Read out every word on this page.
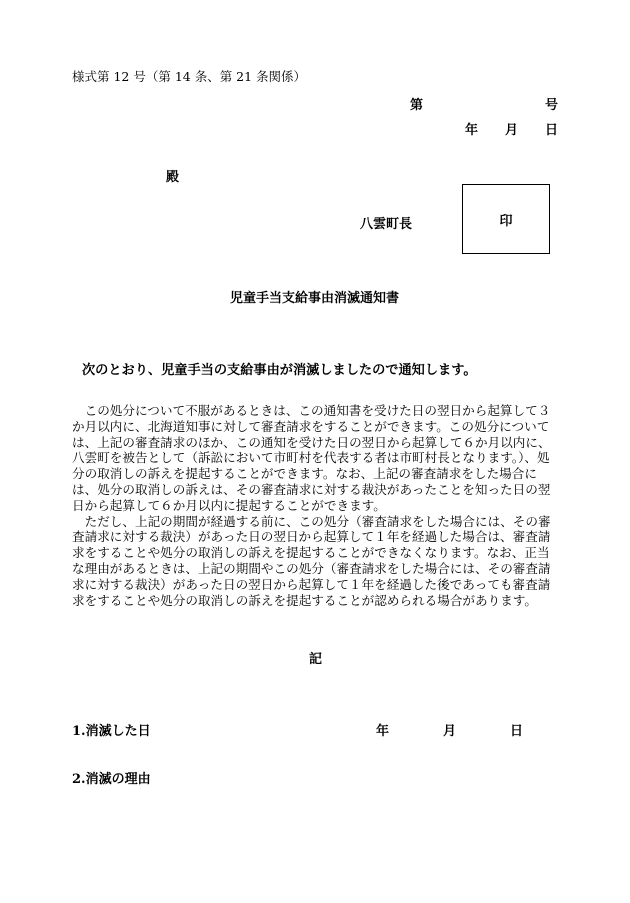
様式第 12 号（第 14 条、第 21 条関係）
第	号
年 月 日
殿
八雲町長	印
児童手当支給事由消滅通知書
次のとおり、児童手当の支給事由が消滅しましたので通知します。

この処分について不服があるときは、この通知書を受けた日の翌日から起算して３か月以内に、北海道知事に対して審査請求をすることができます。この処分については、上記の審査請求のほか、この通知を受けた日の翌日から起算して６か月以内に、八雲町を被告として（訴訟において市町村を代表する者は市町村長となります。）、処分の取消しの訴えを提起することができます。なお、上記の審査請求をした場合には、処分の取消しの訴えは、その審査請求に対する裁決があったことを知った日の翌日から起算して６か月以内に提起することができます。

ただし、上記の期間が経過する前に、この処分（審査請求をした場合には、その審査請求に対する裁決）があった日の翌日から起算して１年を経過した場合は、審査請求をすることや処分の取消しの訴えを提起することができなくなります。なお、正当な理由があるときは、上記の期間やこの処分（審査請求をした場合には、その審査請求に対する裁決）があった日の翌日から起算して１年を経過した後であっても審査請求をすることや処分の取消しの訴えを提起することが認められる場合があります。

記
1.消滅した日	年	月	日
2.消滅の理由
